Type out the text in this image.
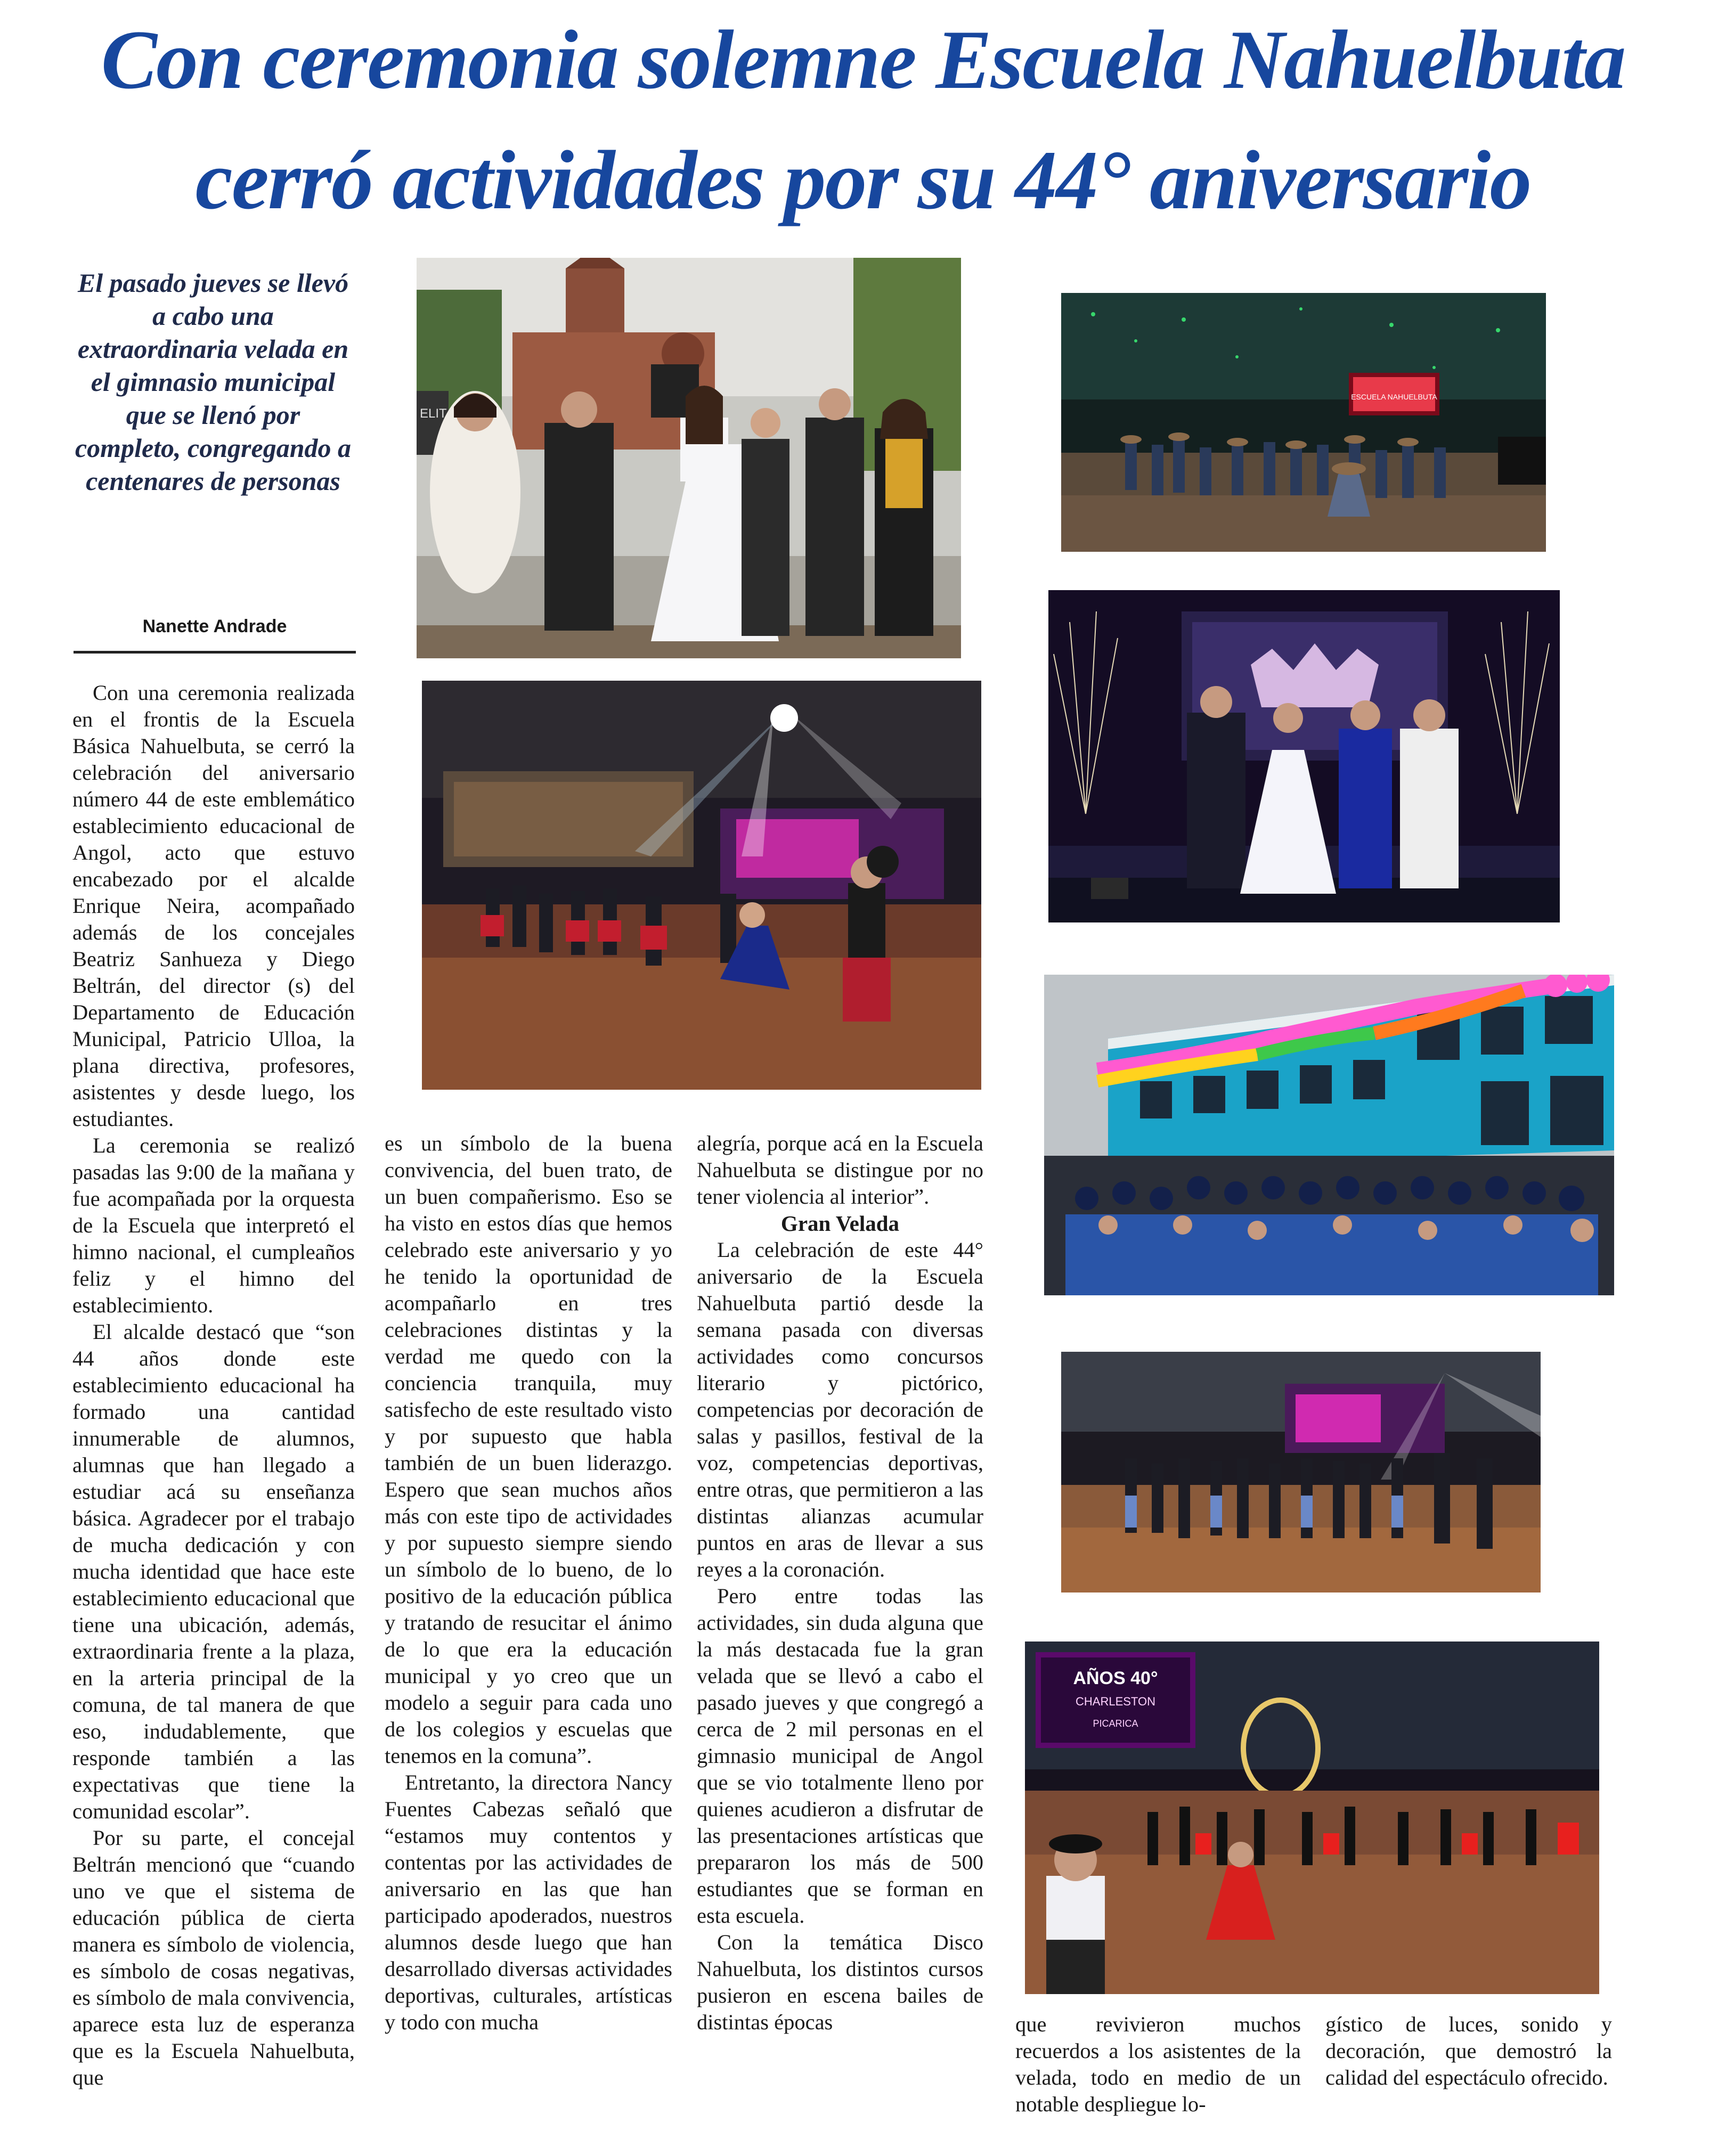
Con ceremonia solemne Escuela Nahuelbuta
cerró actividades por su 44° aniversario
El pasado jueves se llevó a cabo una extraordinaria velada en el gimnasio municipal que se llenó por completo, congregando a centenares de personas
Nanette Andrade

Con una ceremonia realizada en el frontis de la Escuela Básica Nahuelbuta, se cerró la celebración del aniversario número 44 de este emblemático establecimiento educacional de Angol, acto que estuvo encabezado por el alcalde Enrique Neira, acompañado además de los concejales Beatriz Sanhueza y Diego Beltrán, del director (s) del Departamento de Educación Municipal, Patricio Ulloa, la plana directiva, profesores, asistentes y desde luego, los estudiantes.

La ceremonia se realizó pasadas las 9:00 de la mañana y fue acompañada por la orquesta de la Escuela que interpretó el himno nacional, el cumpleaños feliz y el himno del establecimiento.

El alcalde destacó que “son 44 años donde este establecimiento educacional ha formado una cantidad innumerable de alumnos, alumnas que han llegado a estudiar acá su enseñanza básica. Agradecer por el trabajo de mucha dedicación y con mucha identidad que hace este establecimiento educacional que tiene una ubicación, además, extraordinaria frente a la plaza, en la arteria principal de la comuna, de tal manera de que eso, indudablemente, que responde también a las expectativas que tiene la comunidad escolar”.

Por su parte, el concejal Beltrán mencionó que “cuando uno ve que el sistema de educación pública de cierta manera es símbolo de violencia, es símbolo de cosas negativas, es símbolo de mala convivencia, aparece esta luz de esperanza que es la Escuela Nahuelbuta, que

es un símbolo de la buena convivencia, del buen trato, de un buen compañerismo. Eso se ha visto en estos días que hemos celebrado este aniversario y yo he tenido la oportunidad de acompañarlo en tres celebraciones distintas y la verdad me quedo con la conciencia tranquila, muy satisfecho de este resultado visto y por supuesto que habla también de un buen liderazgo. Espero que sean muchos años más con este tipo de actividades y por supuesto siempre siendo un símbolo de lo bueno, de lo positivo de la educación pública y tratando de resucitar el ánimo de lo que era la educación municipal y yo creo que un modelo a seguir para cada uno de los colegios y escuelas que tenemos en la comuna”.

Entretanto, la directora Nancy Fuentes Cabezas señaló que “estamos muy contentos y contentas por las actividades de aniversario en las que han participado apoderados, nuestros alumnos desde luego que han desarrollado diversas actividades deportivas, culturales, artísticas y todo con mucha

alegría, porque acá en la Escuela Nahuelbuta se distingue por no tener violencia al interior”.

Gran Velada

La celebración de este 44° aniversario de la Escuela Nahuelbuta partió desde la semana pasada con diversas actividades como concursos literario y pictórico, competencias por decoración de salas y pasillos, festival de la voz, competencias deportivas, entre otras, que permitieron a las distintas alianzas acumular puntos en aras de llevar a sus reyes a la coronación.

Pero entre todas las actividades, sin duda alguna que la más destacada fue la gran velada que se llevó a cabo el pasado jueves y que congregó a cerca de 2 mil personas en el gimnasio municipal de Angol que se vio totalmente lleno por quienes acudieron a disfrutar de las presentaciones artísticas que prepararon los más de 500 estudiantes que se forman en esta escuela.

Con la temática Disco Nahuelbuta, los distintos cursos pusieron en escena bailes de distintas épocas	que revivieron muchos recuerdos a los asistentes de la velada, todo en medio de un notable despliegue lo-

gístico de luces, sonido y decoración, que demostró la calidad del espectáculo ofrecido.

ELIT
ESCUELA NAHUELBUTA
AÑOS 40°
CHARLESTON
PICARICA
